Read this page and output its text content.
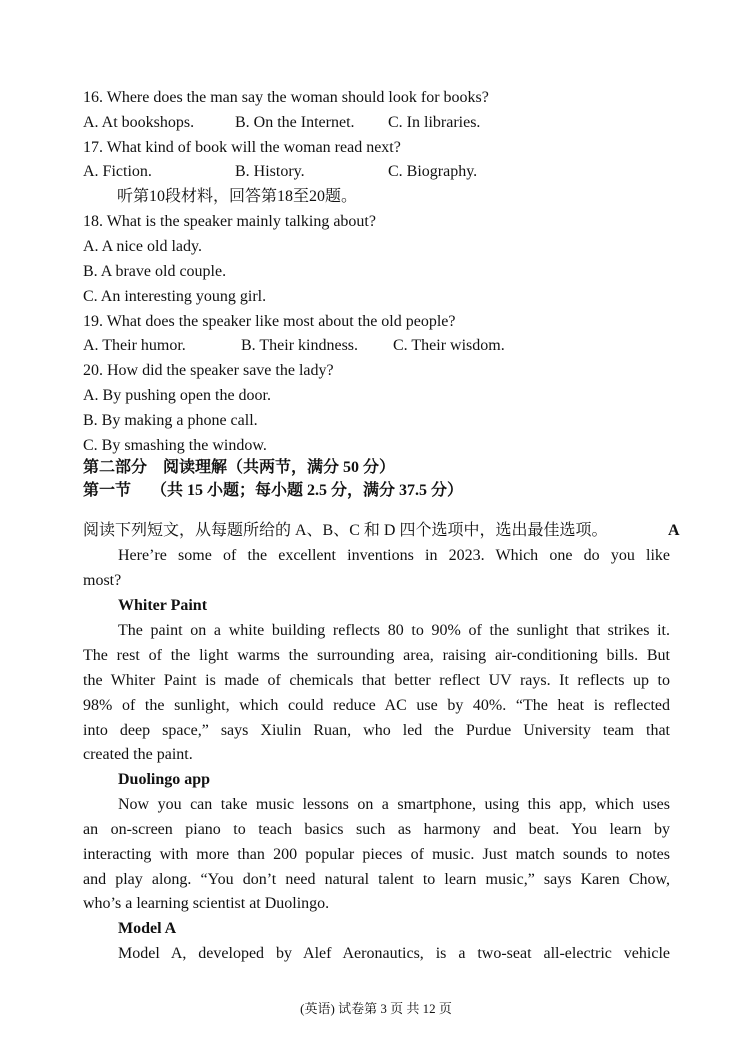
16. Where does the man say the woman should look for books?
A. At bookshops.	B. On the Internet. C. In libraries.
17. What kind of book will the woman read next?
A. Fiction.	B. History.	C. Biography.
听第10段材料，回答第18至20题。
18. What is the speaker mainly talking about?
A. A nice old lady.
B. A brave old couple.
C. An interesting young girl.
19. What does the speaker like most about the old people?
A. Their humor.	B. Their kindness. C. Their wisdom.
20. How did the speaker save the lady?
A. By pushing open the door.
B. By making a phone call.
C. By smashing the window.
第二部分　阅读理解（共两节，满分 50 分）
第一节　 （共 15 小题；每小题 2.5 分，满分 37.5 分）
阅读下列短文，从每题所给的 A、B、C 和 D 四个选项中，选出最佳选项。	A
Here’re some of the excellent inventions in 2023. Which one do you like
most?
Whiter Paint
The paint on a white building reflects 80 to 90% of the sunlight that strikes it.
The rest of the light warms the surrounding area, raising air-conditioning bills. But
the Whiter Paint is made of chemicals that better reflect UV rays. It reflects up to
98% of the sunlight, which could reduce AC use by 40%. “The heat is reflected
into deep space,” says Xiulin Ruan, who led the Purdue University team that
created the paint.
Duolingo app
Now you can take music lessons on a smartphone, using this app, which uses
an on-screen piano to teach basics such as harmony and beat. You learn by
interacting with more than 200 popular pieces of music. Just match sounds to notes
and play along. “You don’t need natural talent to learn music,” says Karen Chow,
who’s a learning scientist at Duolingo.
Model A
Model A, developed by Alef Aeronautics, is a two-seat all-electric vehicle
(英语) 试卷第 3 页 共 12 页
